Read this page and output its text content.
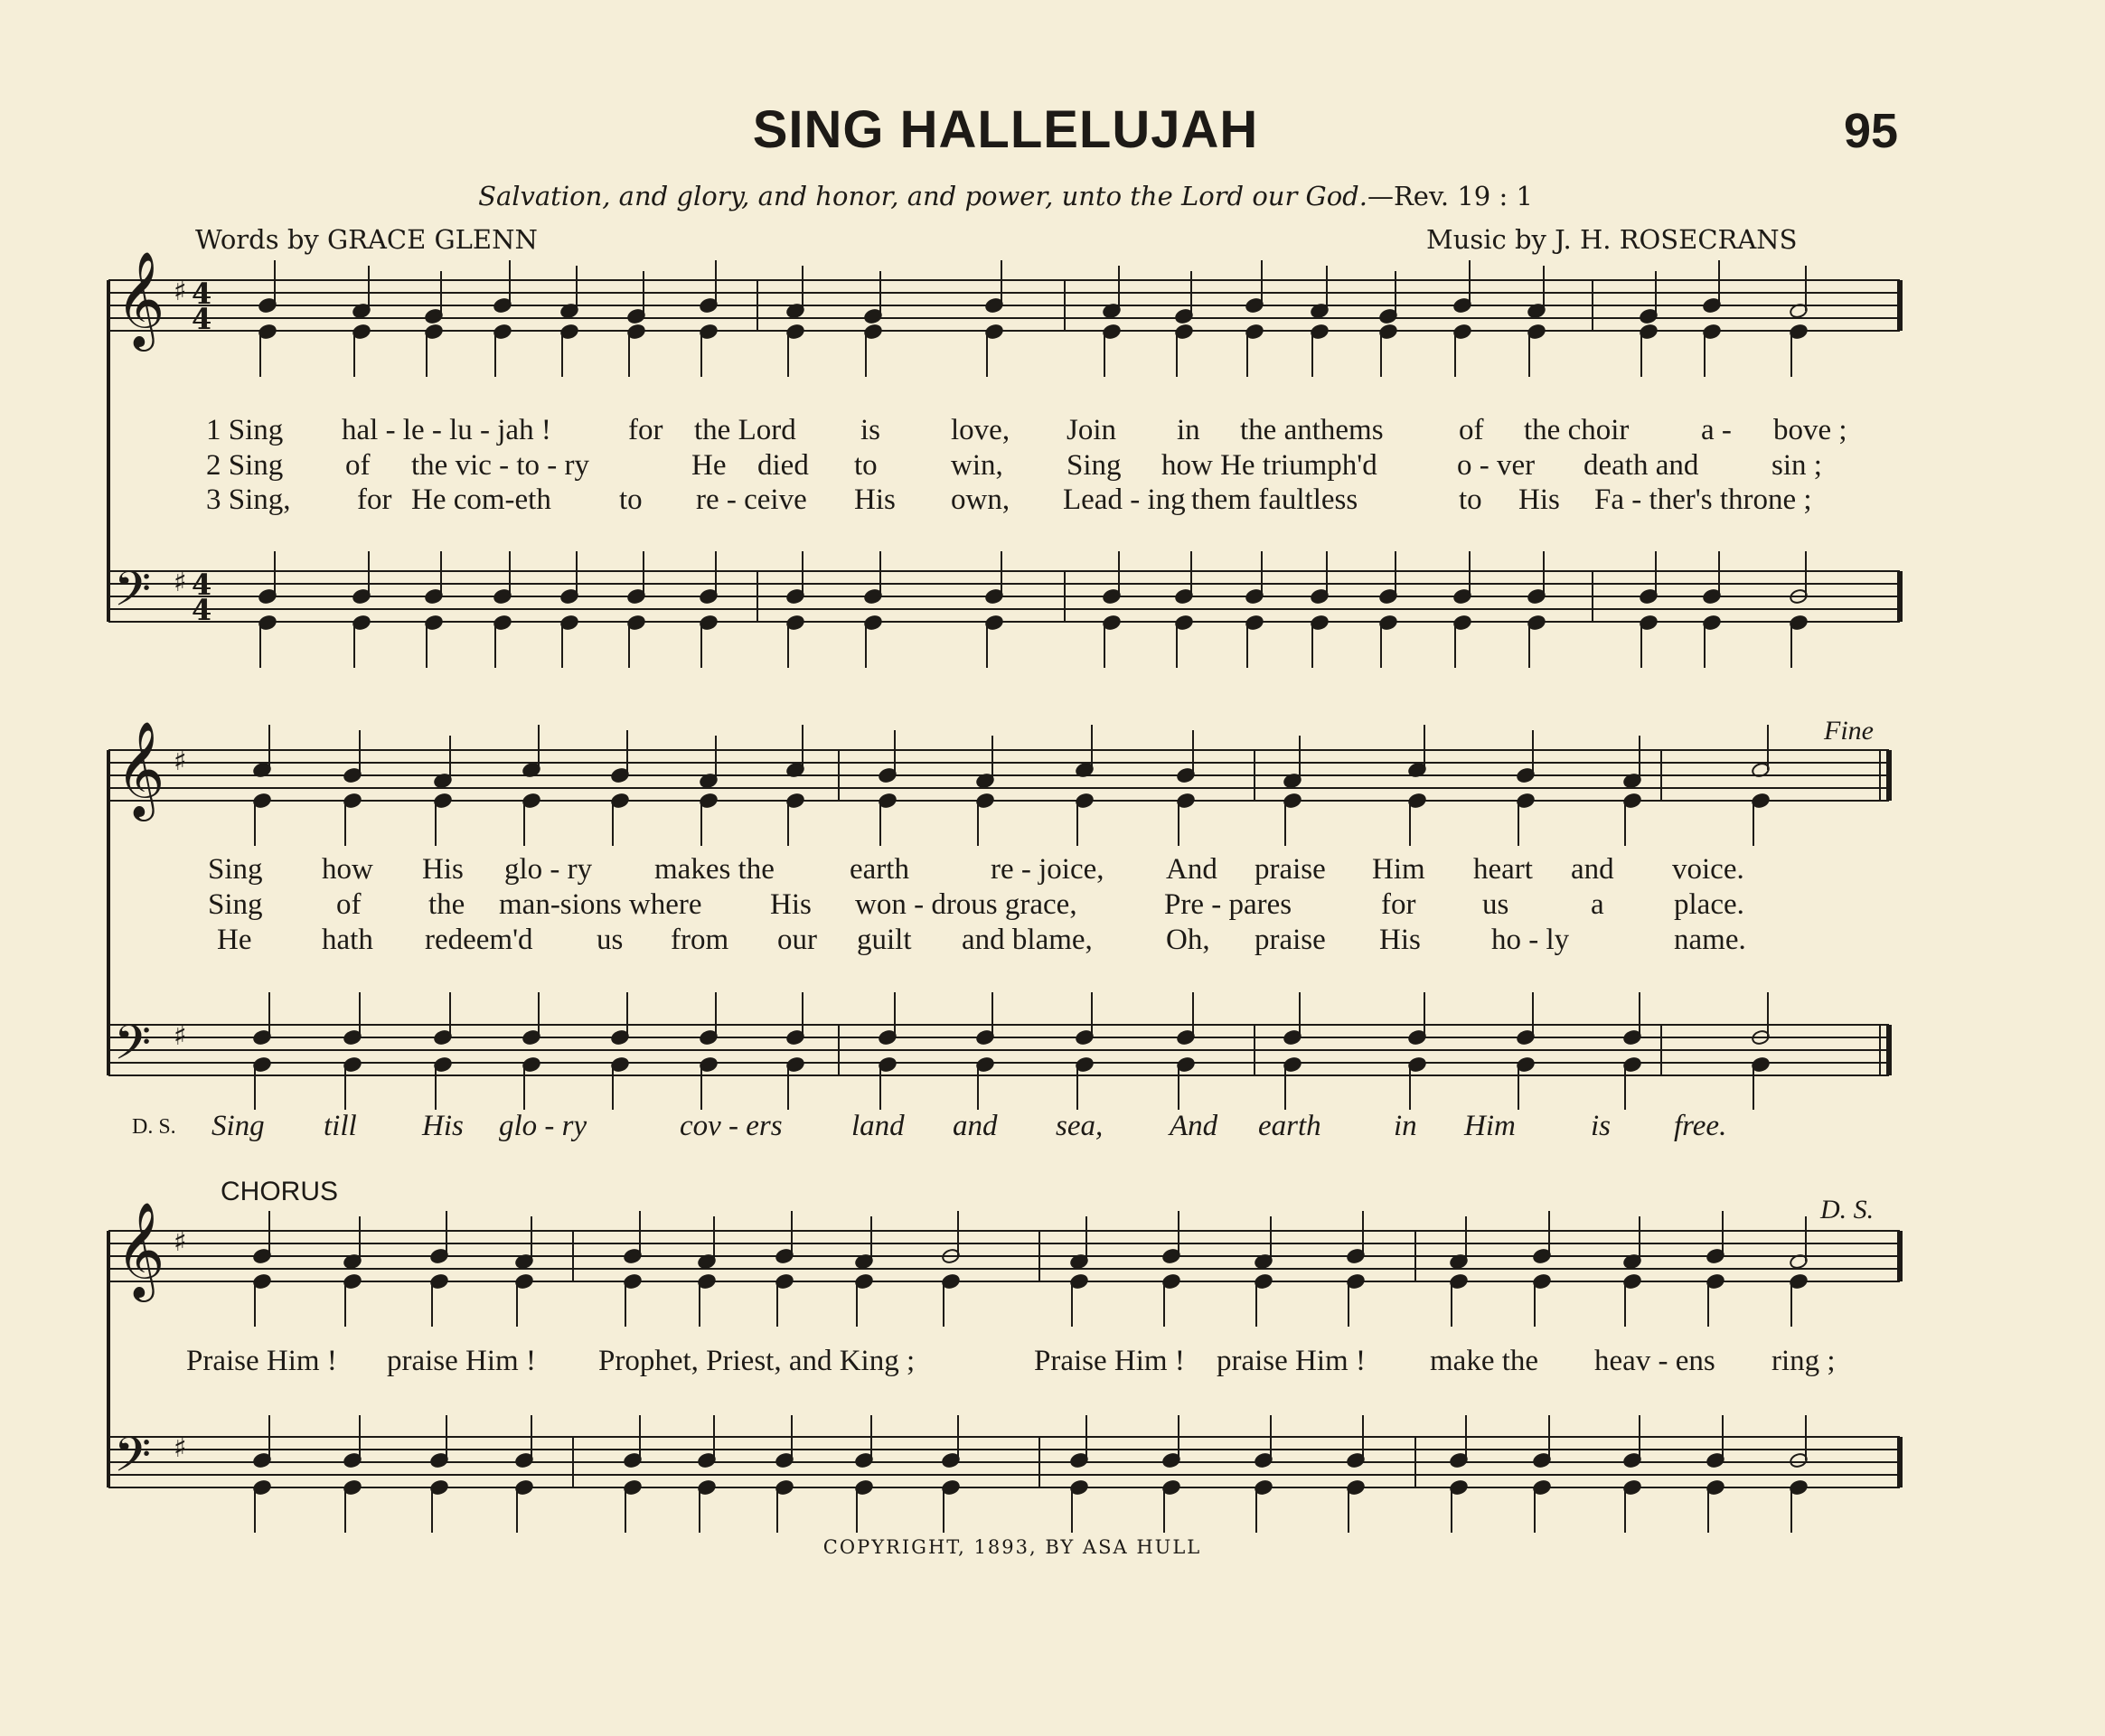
𝄞
𝄢
♯
♯
4
4
4
4
𝄞
𝄢
♯
♯
𝄞
𝄢
♯
♯
SING HALLELUJAH	95
Salvation, and glory, and honor, and power, unto the Lord our God.—Rev. 19 : 1
Words by GRACE GLENN	Music by J. H. ROSECRANS
1 Sing hal - le - lu - jah !	for the Lord is love, Join in the anthems	of the choir a - bove ;
2 Sing of the vic - to - ry	He died to win, Sing how He triumph'd	o - ver death and sin ;
3 Sing, for He com-eth to re - ceive His own, Lead - ing them faultless	to His Fa - ther's throne ;
Fine
Sing how His glo - ry makes the	earth	re - joice, And praise Him heart and voice.
Sing of the man-sions where His won - drous grace,	Pre - pares	for us	a place.
He hath redeem'd us from our guilt and blame, Oh, praise His ho - ly	name.
D. S. Sing till His glo - ry	cov - ers land and sea, And earth in Him	is free.
CHORUS
D. S.
Praise Him ! praise Him ! Prophet, Priest, and King ;	Praise Him ! praise Him ! make the heav - ens ring ;
COPYRIGHT, 1893, BY ASA HULL
